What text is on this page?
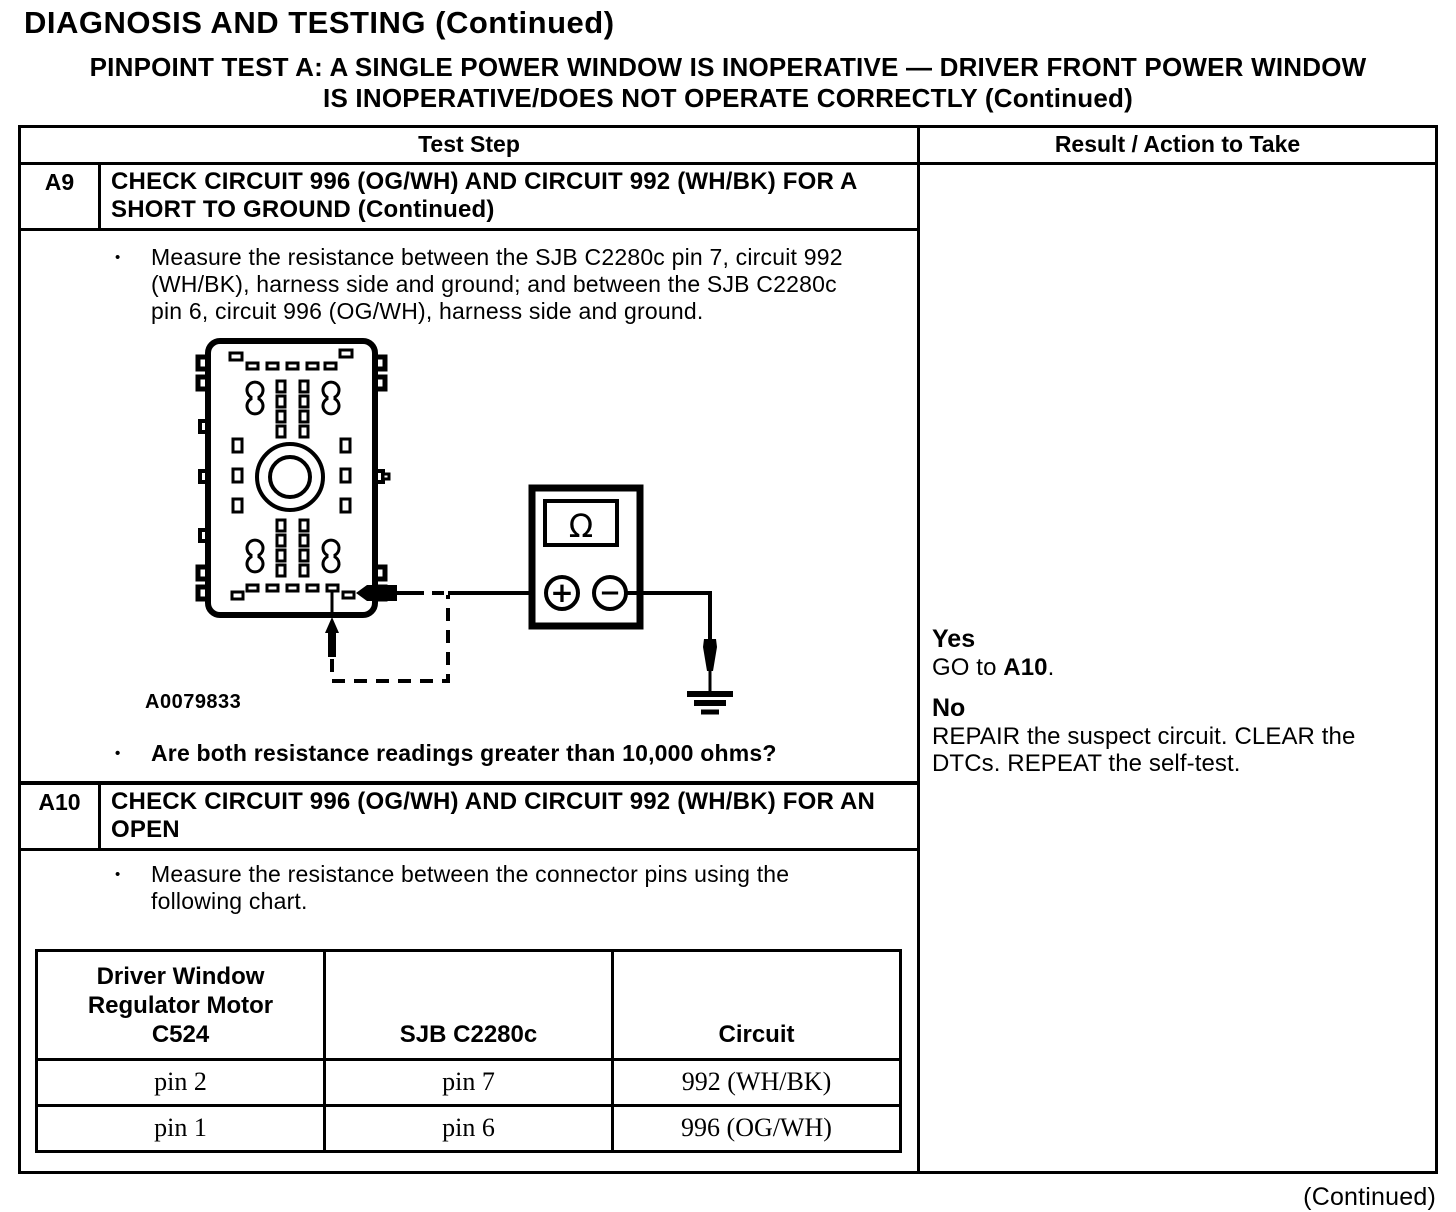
DIAGNOSIS AND TESTING (Continued)
PINPOINT TEST A: A SINGLE POWER WINDOW IS INOPERATIVE — DRIVER FRONT POWER WINDOW
IS INOPERATIVE/DOES NOT OPERATE CORRECTLY (Continued)
Test Step	Result / Action to Take
A9	CHECK CIRCUIT 996 (OG/WH) AND CIRCUIT 992 (WH/BK) FOR A SHORT TO GROUND (Continued)
•	Measure the resistance between the SJB C2280c pin 7, circuit 992 (WH/BK), harness side and ground; and between the SJB C2280c pin 6, circuit 996 (OG/WH), harness side and ground.

Ω
+ −
A0079833
•	Are both resistance readings greater than 10,000 ohms?

A10	CHECK CIRCUIT 996 (OG/WH) AND CIRCUIT 992 (WH/BK) FOR AN OPEN
•	Measure the resistance between the connector pins using the following chart.

Driver Window Regulator Motor C524	SJB C2280c	Circuit
pin 2	pin 7	992 (WH/BK)
pin 1	pin 6	996 (OG/WH)
Yes
GO to A10.
No
REPAIR the suspect circuit. CLEAR the DTCs. REPEAT the self-test.
(Continued)
